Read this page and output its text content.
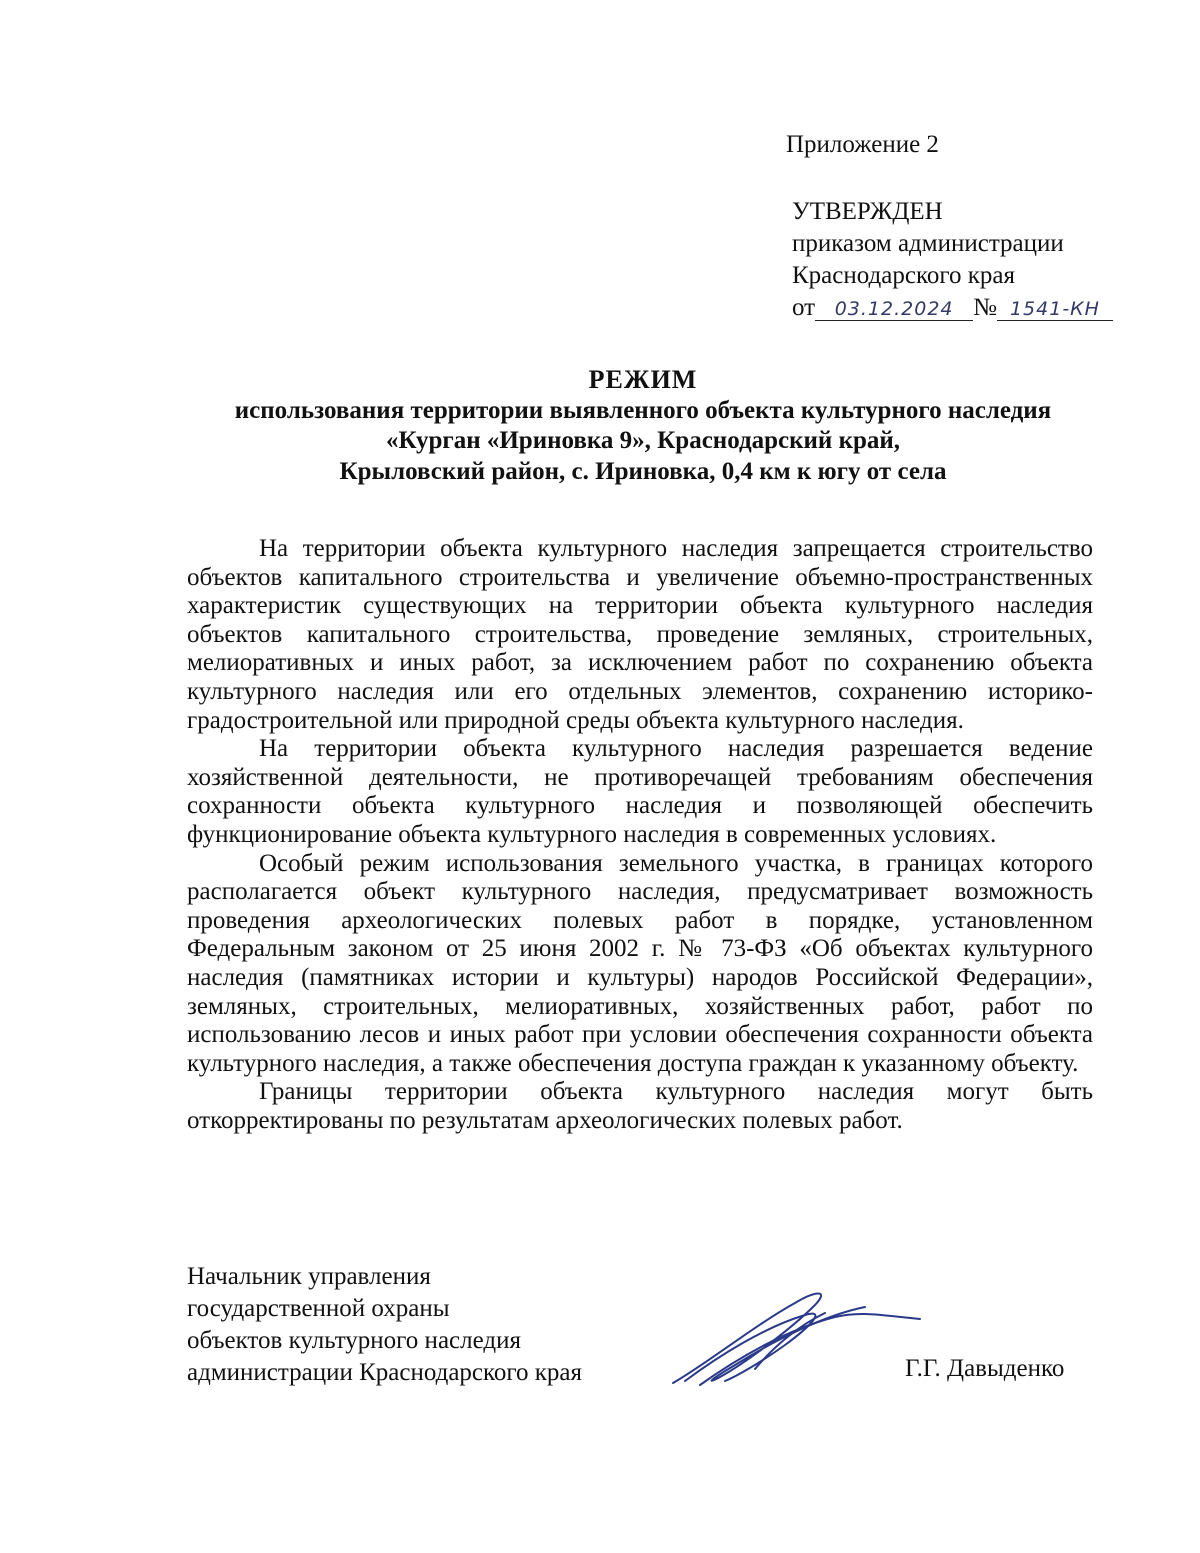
Приложение 2
УТВЕРЖДЕН
приказом администрации
Краснодарского края
от 03.12.2024 № 1541-КН
РЕЖИМ
использования территории выявленного объекта культурного наследия
«Курган «Ириновка 9», Краснодарский край,
Крыловский район, с. Ириновка, 0,4 км к югу от села

На территории объекта культурного наследия запрещается строительство объектов капитального строительства и увеличение объемно-пространственных характеристик существующих на территории объекта культурного наследия объектов капитального строительства, проведение земляных, строительных, мелиоративных и иных работ, за исключением работ по сохранению объекта культурного наследия или его отдельных элементов, сохранению историко-градостроительной или природной среды объекта культурного наследия.

На территории объекта культурного наследия разрешается ведение хозяйственной деятельности, не противоречащей требованиям обеспечения сохранности объекта культурного наследия и позволяющей обеспечить функционирование объекта культурного наследия в современных условиях.

Особый режим использования земельного участка, в границах которого располагается объект культурного наследия, предусматривает возможность проведения археологических полевых работ в порядке, установленном Федеральным законом от 25 июня 2002 г. № 73-ФЗ «Об объектах культурного наследия (памятниках истории и культуры) народов Российской Федерации», земляных, строительных, мелиоративных, хозяйственных работ, работ по использованию лесов и иных работ при условии обеспечения сохранности объекта культурного наследия, а также обеспечения доступа граждан к указанному объекту.

Границы территории объекта культурного наследия могут быть откорректированы по результатам археологических полевых работ.

Начальник управления
государственной охраны
объектов культурного наследия
администрации Краснодарского края	Г.Г. Давыденко
